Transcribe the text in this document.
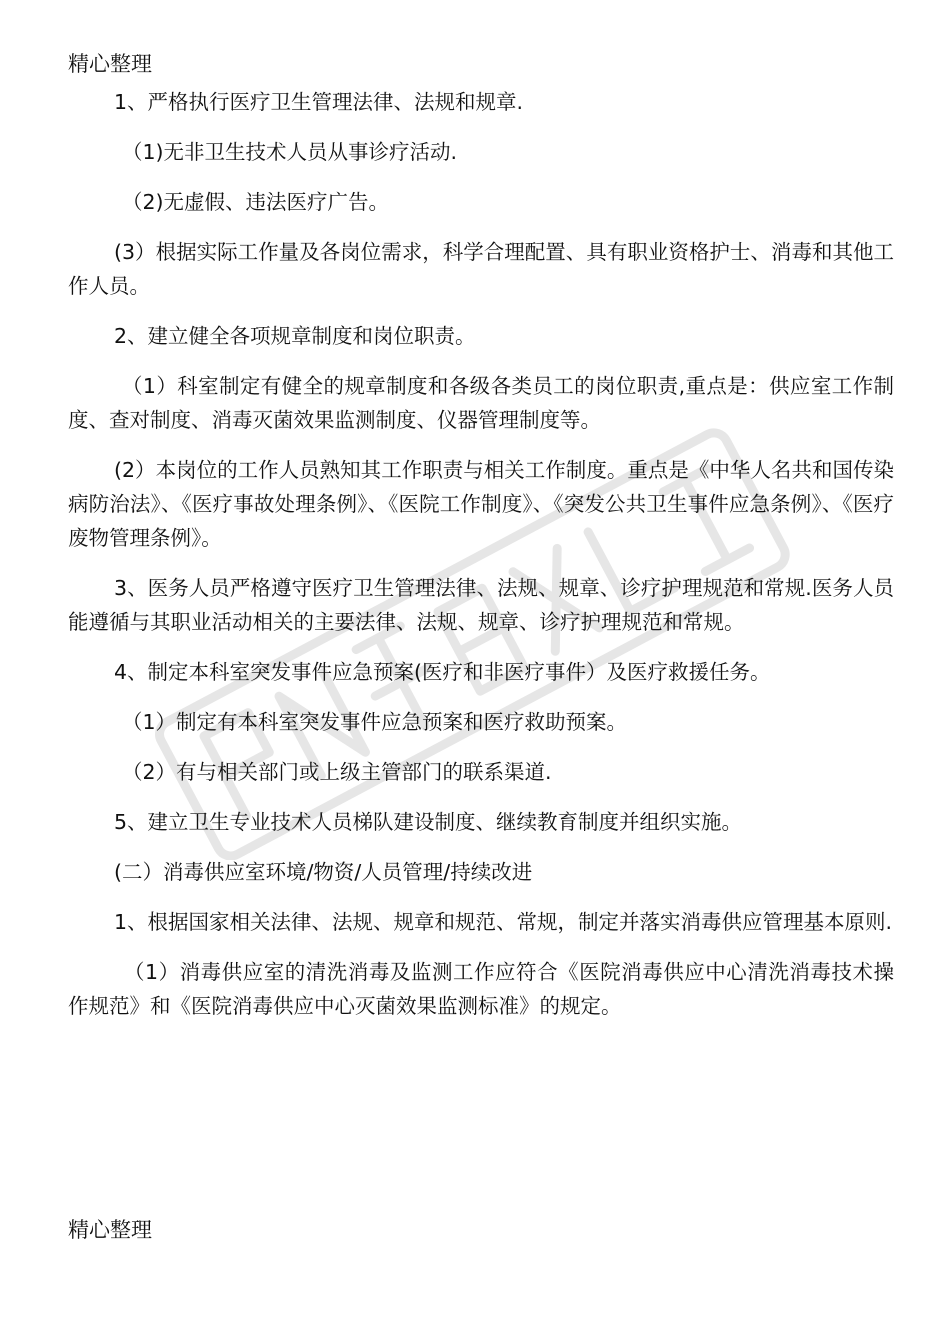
精心整理

1、严格执行医疗卫生管理法律、法规和规章.

（1)无非卫生技术人员从事诊疗活动.

（2)无虚假、违法医疗广告。

(3）根据实际工作量及各岗位需求，科学合理配置、具有职业资格护士、消毒和其他工作人员。

2、建立健全各项规章制度和岗位职责。

（1）科室制定有健全的规章制度和各级各类员工的岗位职责,重点是：供应室工作制度、查对制度、消毒灭菌效果监测制度、仪器管理制度等。

(2）本岗位的工作人员熟知其工作职责与相关工作制度。重点是《中华人名共和国传染病防治法》、《医疗事故处理条例》、《医院工作制度》、《突发公共卫生事件应急条例》、《医疗废物管理条例》。

3、医务人员严格遵守医疗卫生管理法律、法规、规章、诊疗护理规范和常规.医务人员能遵循与其职业活动相关的主要法律、法规、规章、诊疗护理规范和常规。

4、制定本科室突发事件应急预案(医疗和非医疗事件）及医疗救援任务。

（1）制定有本科室突发事件应急预案和医疗救助预案。

（2）有与相关部门或上级主管部门的联系渠道.

5、建立卫生专业技术人员梯队建设制度、继续教育制度并组织实施。

(二）消毒供应室环境/物资/人员管理/持续改进

1、根据国家相关法律、法规、规章和规范、常规，制定并落实消毒供应管理基本原则.

（1）消毒供应室的清洗消毒及监测工作应符合《医院消毒供应中心清洗消毒技术操作规范》和《医院消毒供应中心灭菌效果监测标准》的规定。

精心整理
